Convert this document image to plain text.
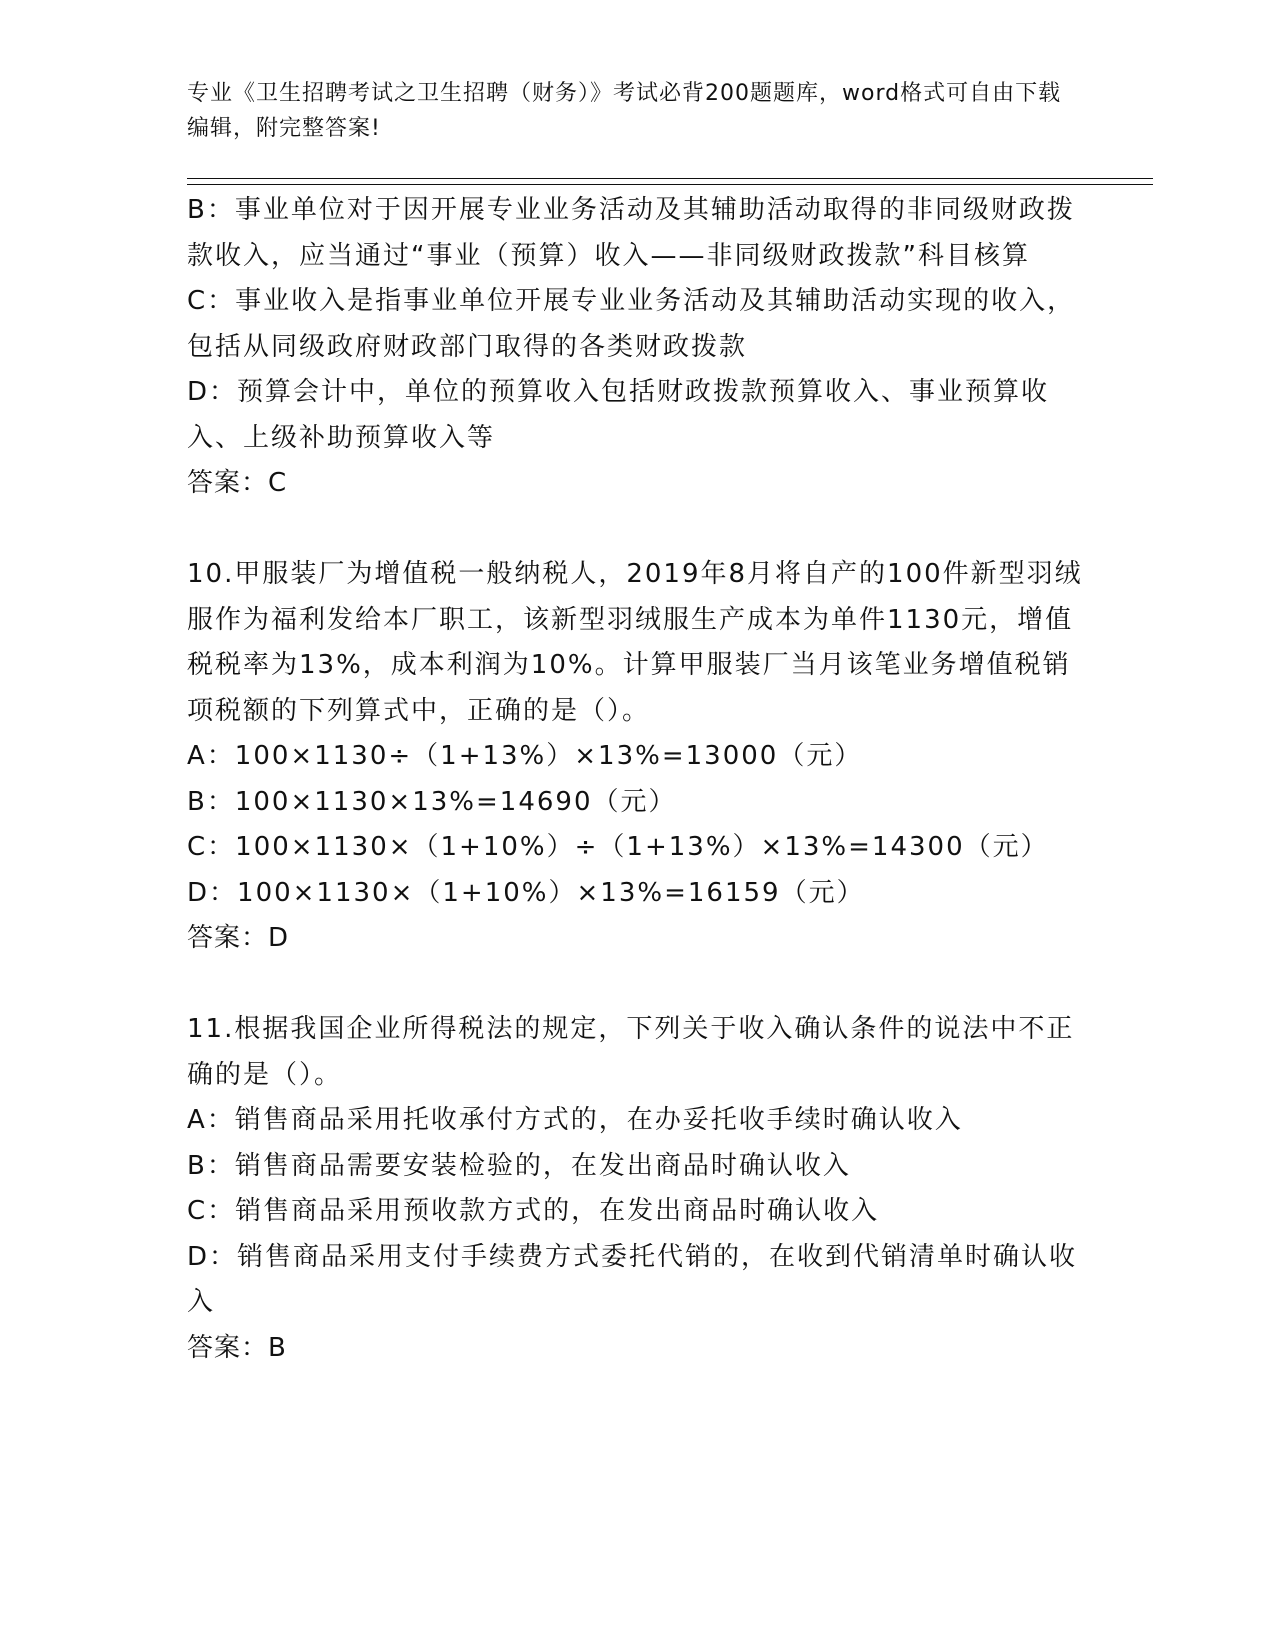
专业《卫生招聘考试之卫生招聘（财务）》考试必背200题题库，word格式可自由下载编辑，附完整答案!

B：事业单位对于因开展专业业务活动及其辅助活动取得的非同级财政拨款收入，应当通过“事业（预算）收入——非同级财政拨款”科目核算

C：事业收入是指事业单位开展专业业务活动及其辅助活动实现的收入，包括从同级政府财政部门取得的各类财政拨款

D：预算会计中，单位的预算收入包括财政拨款预算收入、事业预算收入、上级补助预算收入等

答案：C

10.甲服装厂为增值税一般纳税人，2019年8月将自产的100件新型羽绒服作为福利发给本厂职工，该新型羽绒服生产成本为单件1130元，增值税税率为13%，成本利润为10%。计算甲服装厂当月该笔业务增值税销项税额的下列算式中，正确的是（）。

A：100×1130÷（1+13%）×13%=13000（元）

B：100×1130×13%=14690（元）

C：100×1130×（1+10%）÷（1+13%）×13%=14300（元）

D：100×1130×（1+10%）×13%=16159（元）

答案：D

11.根据我国企业所得税法的规定，下列关于收入确认条件的说法中不正确的是（）。

A：销售商品采用托收承付方式的，在办妥托收手续时确认收入

B：销售商品需要安装检验的，在发出商品时确认收入

C：销售商品采用预收款方式的，在发出商品时确认收入

D：销售商品采用支付手续费方式委托代销的，在收到代销清单时确认收入

答案：B
